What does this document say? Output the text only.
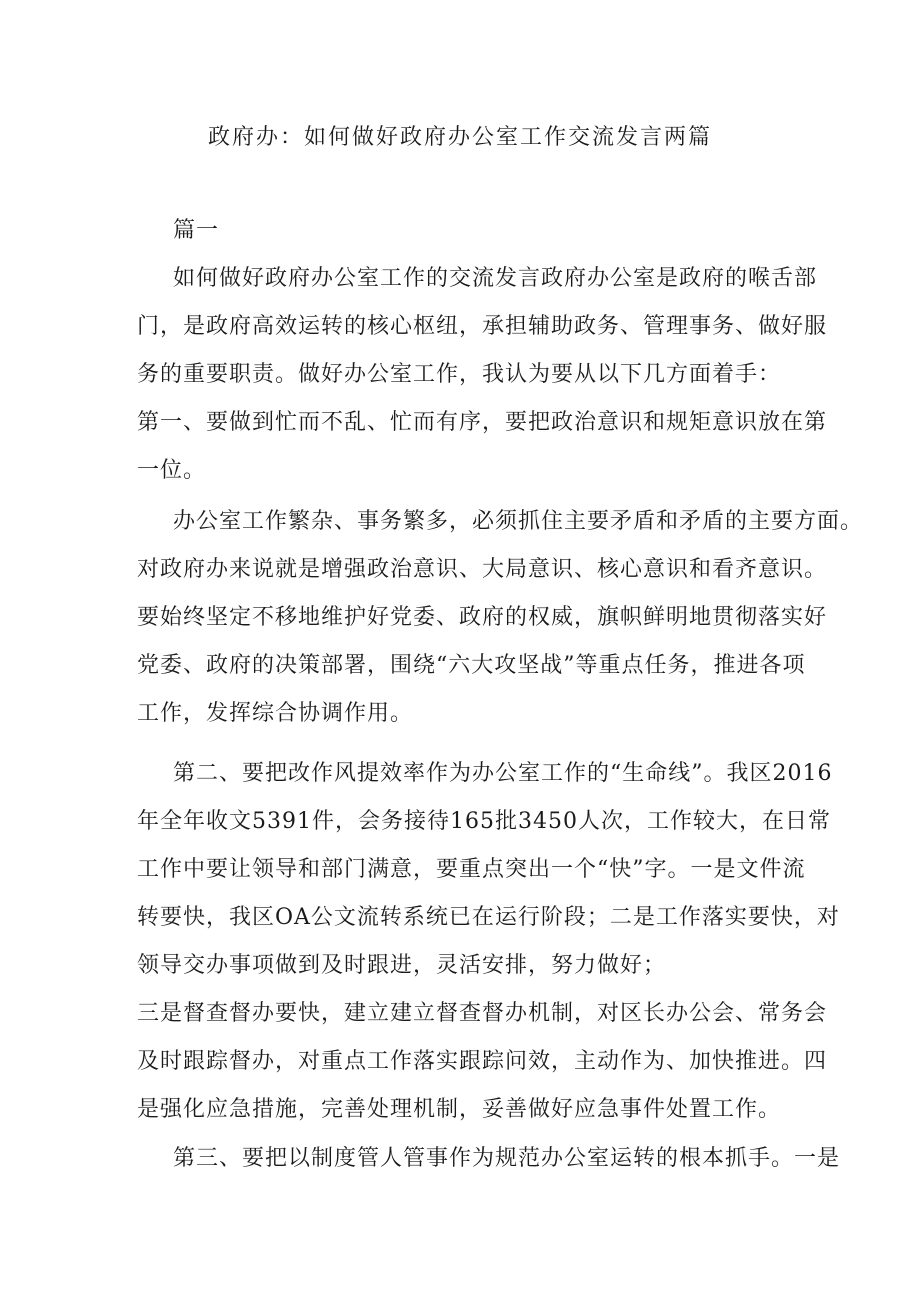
政府办：如何做好政府办公室工作交流发言两篇
篇一
如何做好政府办公室工作的交流发言政府办公室是政府的喉舌部
门，是政府高效运转的核心枢纽，承担辅助政务、管理事务、做好服
务的重要职责。做好办公室工作，我认为要从以下几方面着手：
第一、要做到忙而不乱、忙而有序，要把政治意识和规矩意识放在第
一位。
办公室工作繁杂、事务繁多，必须抓住主要矛盾和矛盾的主要方面。
对政府办来说就是增强政治意识、大局意识、核心意识和看齐意识。
要始终坚定不移地维护好党委、政府的权威，旗帜鲜明地贯彻落实好
党委、政府的决策部署，围绕“六大攻坚战”等重点任务，推进各项
工作，发挥综合协调作用。
第二、要把改作风提效率作为办公室工作的“生命线”。我区2016
年全年收文5391件，会务接待165批3450人次，工作较大，在日常
工作中要让领导和部门满意，要重点突出一个“快”字。一是文件流
转要快，我区OA公文流转系统已在运行阶段；二是工作落实要快，对
领导交办事项做到及时跟进，灵活安排，努力做好；
三是督查督办要快，建立建立督查督办机制，对区长办公会、常务会
及时跟踪督办，对重点工作落实跟踪问效，主动作为、加快推进。四
是强化应急措施，完善处理机制，妥善做好应急事件处置工作。
第三、要把以制度管人管事作为规范办公室运转的根本抓手。一是
